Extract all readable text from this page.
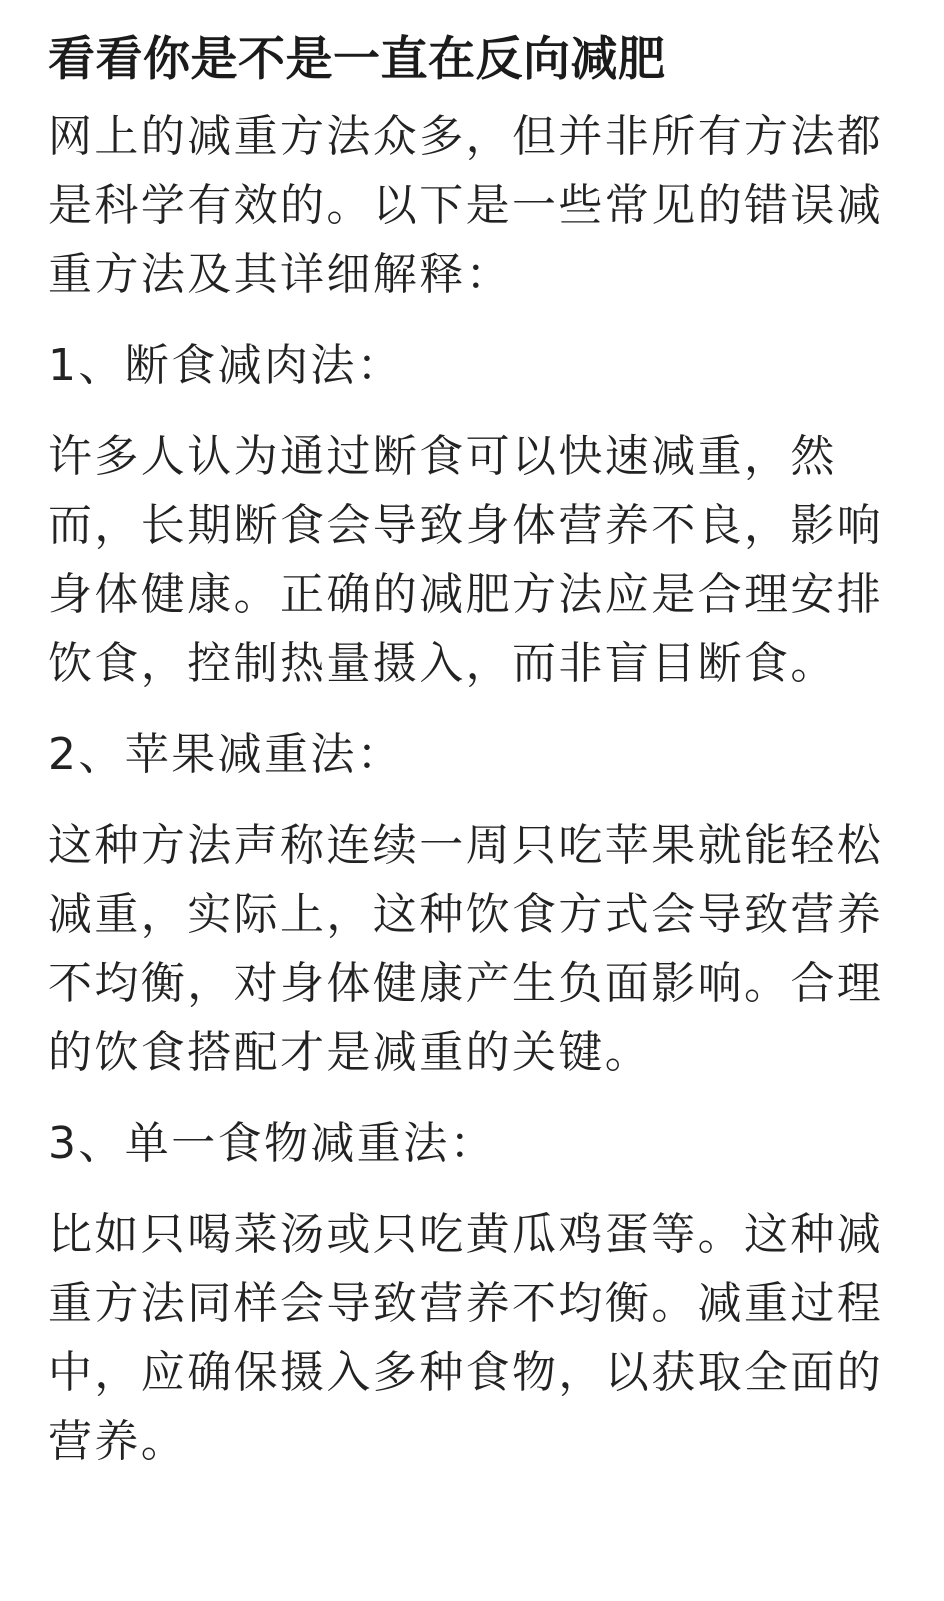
看看你是不是一直在反向减肥

网上的减重方法众多，但并非所有方法都是科学有效的。以下是一些常见的错误减重方法及其详细解释：

1、断食减肉法：

许多人认为通过断食可以快速减重，然而，长期断食会导致身体营养不良，影响身体健康。正确的减肥方法应是合理安排饮食，控制热量摄入，而非盲目断食。

2、苹果减重法：

这种方法声称连续一周只吃苹果就能轻松减重，实际上，这种饮食方式会导致营养不均衡，对身体健康产生负面影响。合理的饮食搭配才是减重的关键。

3、单一食物减重法：

比如只喝菜汤或只吃黄瓜鸡蛋等。这种减重方法同样会导致营养不均衡。减重过程中，应确保摄入多种食物，以获取全面的营养。
